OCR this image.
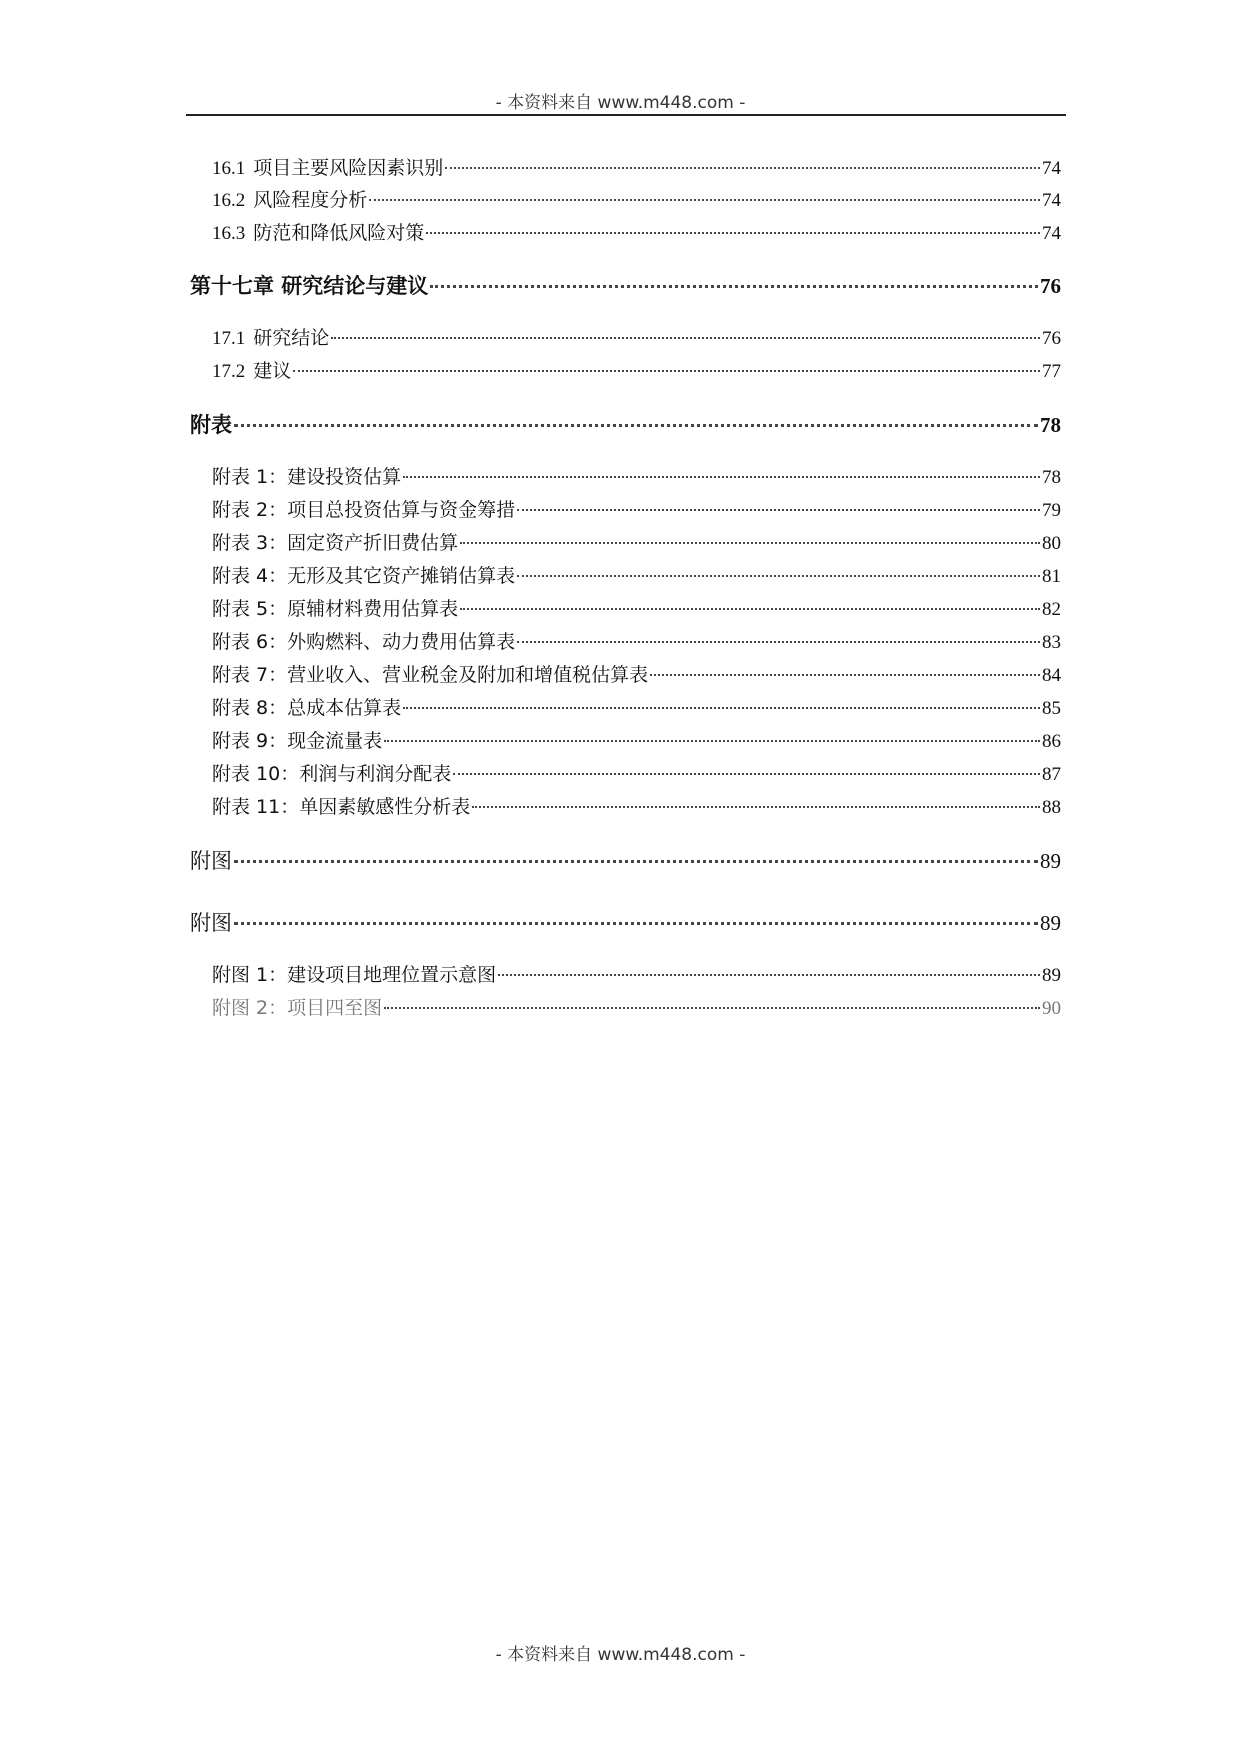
- 本资料来自 www.m448.com -
16.1 项目主要风险因素识别	74
16.2 风险程度分析	74
16.3 防范和降低风险对策	74
第十七章 研究结论与建议	76
17.1 研究结论	76
17.2 建议	77
附表	78
附表 1：建设投资估算	78
附表 2：项目总投资估算与资金筹措	79
附表 3：固定资产折旧费估算	80
附表 4：无形及其它资产摊销估算表	81
附表 5：原辅材料费用估算表	82
附表 6：外购燃料、动力费用估算表	83
附表 7：营业收入、营业税金及附加和增值税估算表	84
附表 8：总成本估算表	85
附表 9：现金流量表	86
附表 10：利润与利润分配表	87
附表 11：单因素敏感性分析表	88
附图	89
附图	89
附图 1：建设项目地理位置示意图	89
附图 2：项目四至图	90
- 本资料来自 www.m448.com -
